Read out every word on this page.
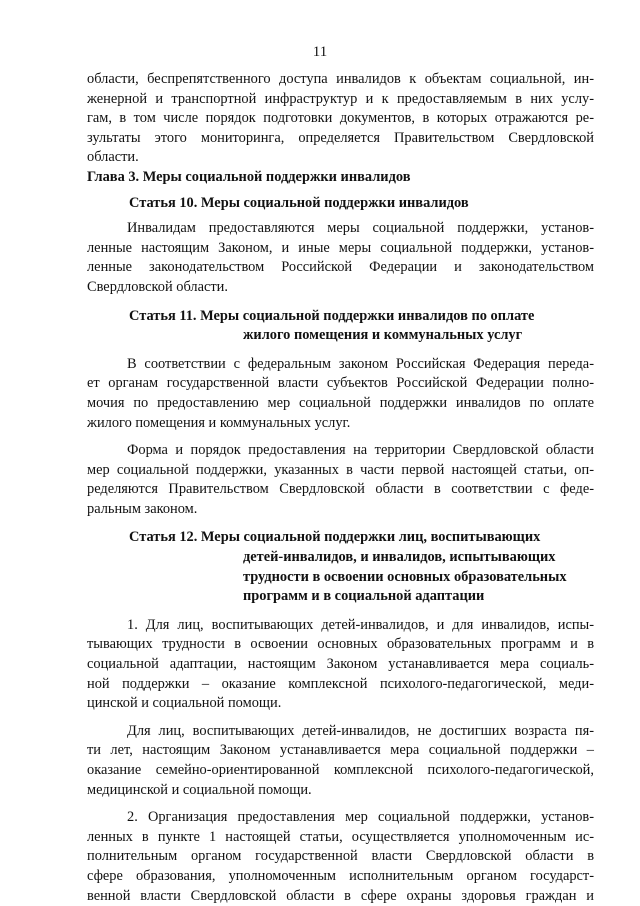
11

области, беспрепятственного доступа инвалидов к объектам социальной, ин-
женерной и транспортной инфраструктур и к предоставляемым в них услу-
гам, в том числе порядок подготовки документов, в которых отражаются ре-
зультаты этого мониторинга, определяется Правительством Свердловской
области.

Глава 3. Меры социальной поддержки инвалидов

Статья 10. Меры социальной поддержки инвалидов

Инвалидам предоставляются меры социальной поддержки, установ-
ленные настоящим Законом, и иные меры социальной поддержки, установ-
ленные законодательством Российской Федерации и законодательством
Свердловской области.

Статья 11. Меры социальной поддержки инвалидов по оплате
жилого помещения и коммунальных услуг

В соответствии с федеральным законом Российская Федерация переда-
ет органам государственной власти субъектов Российской Федерации полно-
мочия по предоставлению мер социальной поддержки инвалидов по оплате
жилого помещения и коммунальных услуг.

Форма и порядок предоставления на территории Свердловской области
мер социальной поддержки, указанных в части первой настоящей статьи, оп-
ределяются Правительством Свердловской области в соответствии с феде-
ральным законом.

Статья 12. Меры социальной поддержки лиц, воспитывающих
детей-инвалидов, и инвалидов, испытывающих
трудности в освоении основных образовательных
программ и в социальной адаптации

1. Для лиц, воспитывающих детей-инвалидов, и для инвалидов, испы-
тывающих трудности в освоении основных образовательных программ и в
социальной адаптации, настоящим Законом устанавливается мера социаль-
ной поддержки – оказание комплексной психолого-педагогической, меди-
цинской и социальной помощи.

Для лиц, воспитывающих детей-инвалидов, не достигших возраста пя-
ти лет, настоящим Законом устанавливается мера социальной поддержки –
оказание семейно-ориентированной комплексной психолого-педагогической,
медицинской и социальной помощи.

2. Организация предоставления мер социальной поддержки, установ-
ленных в пункте 1 настоящей статьи, осуществляется уполномоченным ис-
полнительным органом государственной власти Свердловской области в
сфере образования, уполномоченным исполнительным органом государст-
венной власти Свердловской области в сфере охраны здоровья граждан и
